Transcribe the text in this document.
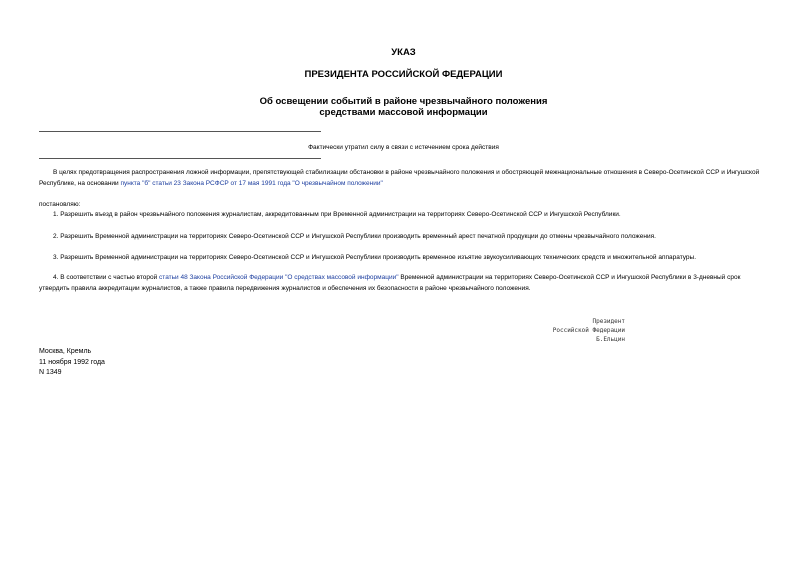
УКАЗ
ПРЕЗИДЕНТА РОССИЙСКОЙ ФЕДЕРАЦИИ
Об освещении событий в районе чрезвычайного положения
средствами массовой информации
Фактически утратил силу в связи с истечением срока действия
В целях предотвращения распространения ложной информации, препятствующей стабилизации обстановки в районе чрезвычайного положения и обостряющей межнациональные отношения в Северо-Осетинской ССР и Ингушской Республике, на основании пункта "б" статьи 23 Закона РСФСР от 17 мая 1991 года "О чрезвычайном положении"
постановляю:
1. Разрешить въезд в район чрезвычайного положения журналистам, аккредитованным при Временной администрации на территориях Северо-Осетинской ССР и Ингушской Республики.
2. Разрешить Временной администрации на территориях Северо-Осетинской ССР и Ингушской Республики производить временный арест печатной продукции до отмены чрезвычайного положения.
3. Разрешить Временной администрации на территориях Северо-Осетинской ССР и Ингушской Республики производить временное изъятие звукоусиливающих технических средств и множительной аппаратуры.
4. В соответствии с частью второй статьи 48 Закона Российской Федерации "О средствах массовой информации" Временной администрации на территориях Северо-Осетинской ССР и Ингушской Республики в 3-дневный срок утвердить правила аккредитации журналистов, а также правила передвижения журналистов и обеспечения их безопасности в районе чрезвычайного положения.
Президент
Российской Федерации
Б.Ельцин
Москва, Кремль
11 ноября 1992 года
N 1349
